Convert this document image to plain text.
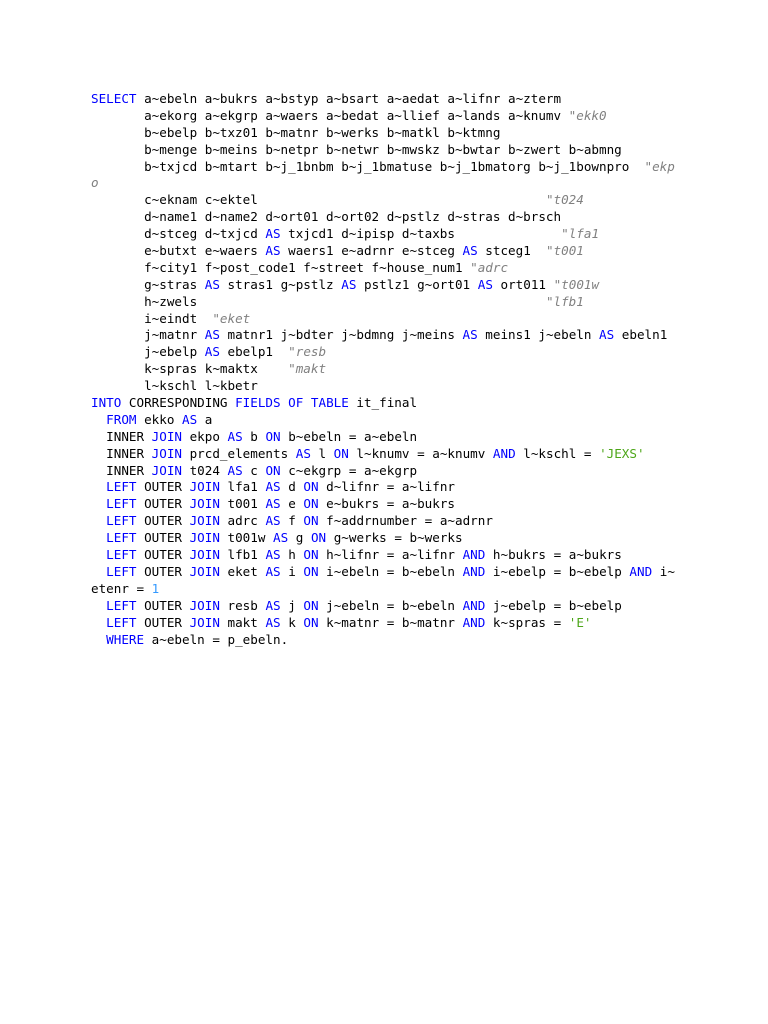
SELECT a~ebeln a~bukrs a~bstyp a~bsart a~aedat a~lifnr a~zterm
a~ekorg a~ekgrp a~waers a~bedat a~llief a~lands a~knumv "ekk0
b~ebelp b~txz01 b~matnr b~werks b~matkl b~ktmng
b~menge b~meins b~netpr b~netwr b~mwskz b~bwtar b~zwert b~abmng
b~txjcd b~mtart b~j_1bnbm b~j_1bmatuse b~j_1bmatorg b~j_1bownpro  "ekp
o
c~eknam c~ektel                                      "t024
d~name1 d~name2 d~ort01 d~ort02 d~pstlz d~stras d~brsch
d~stceg d~txjcd AS txjcd1 d~ipisp d~taxbs              "lfa1
e~butxt e~waers AS waers1 e~adrnr e~stceg AS stceg1  "t001
f~city1 f~post_code1 f~street f~house_num1 "adrc
g~stras AS stras1 g~pstlz AS pstlz1 g~ort01 AS ort011 "t001w
h~zwels                                              "lfb1
i~eindt  "eket
j~matnr AS matnr1 j~bdter j~bdmng j~meins AS meins1 j~ebeln AS ebeln1
j~ebelp AS ebelp1  "resb
k~spras k~maktx    "makt
l~kschl l~kbetr
INTO CORRESPONDING FIELDS OF TABLE it_final
FROM ekko AS a
INNER JOIN ekpo AS b ON b~ebeln = a~ebeln
INNER JOIN prcd_elements AS l ON l~knumv = a~knumv AND l~kschl = 'JEXS'
INNER JOIN t024 AS c ON c~ekgrp = a~ekgrp
LEFT OUTER JOIN lfa1 AS d ON d~lifnr = a~lifnr
LEFT OUTER JOIN t001 AS e ON e~bukrs = a~bukrs
LEFT OUTER JOIN adrc AS f ON f~addrnumber = a~adrnr
LEFT OUTER JOIN t001w AS g ON g~werks = b~werks
LEFT OUTER JOIN lfb1 AS h ON h~lifnr = a~lifnr AND h~bukrs = a~bukrs
LEFT OUTER JOIN eket AS i ON i~ebeln = b~ebeln AND i~ebelp = b~ebelp AND i~
etenr = 1
LEFT OUTER JOIN resb AS j ON j~ebeln = b~ebeln AND j~ebelp = b~ebelp
LEFT OUTER JOIN makt AS k ON k~matnr = b~matnr AND k~spras = 'E'
WHERE a~ebeln = p_ebeln.
